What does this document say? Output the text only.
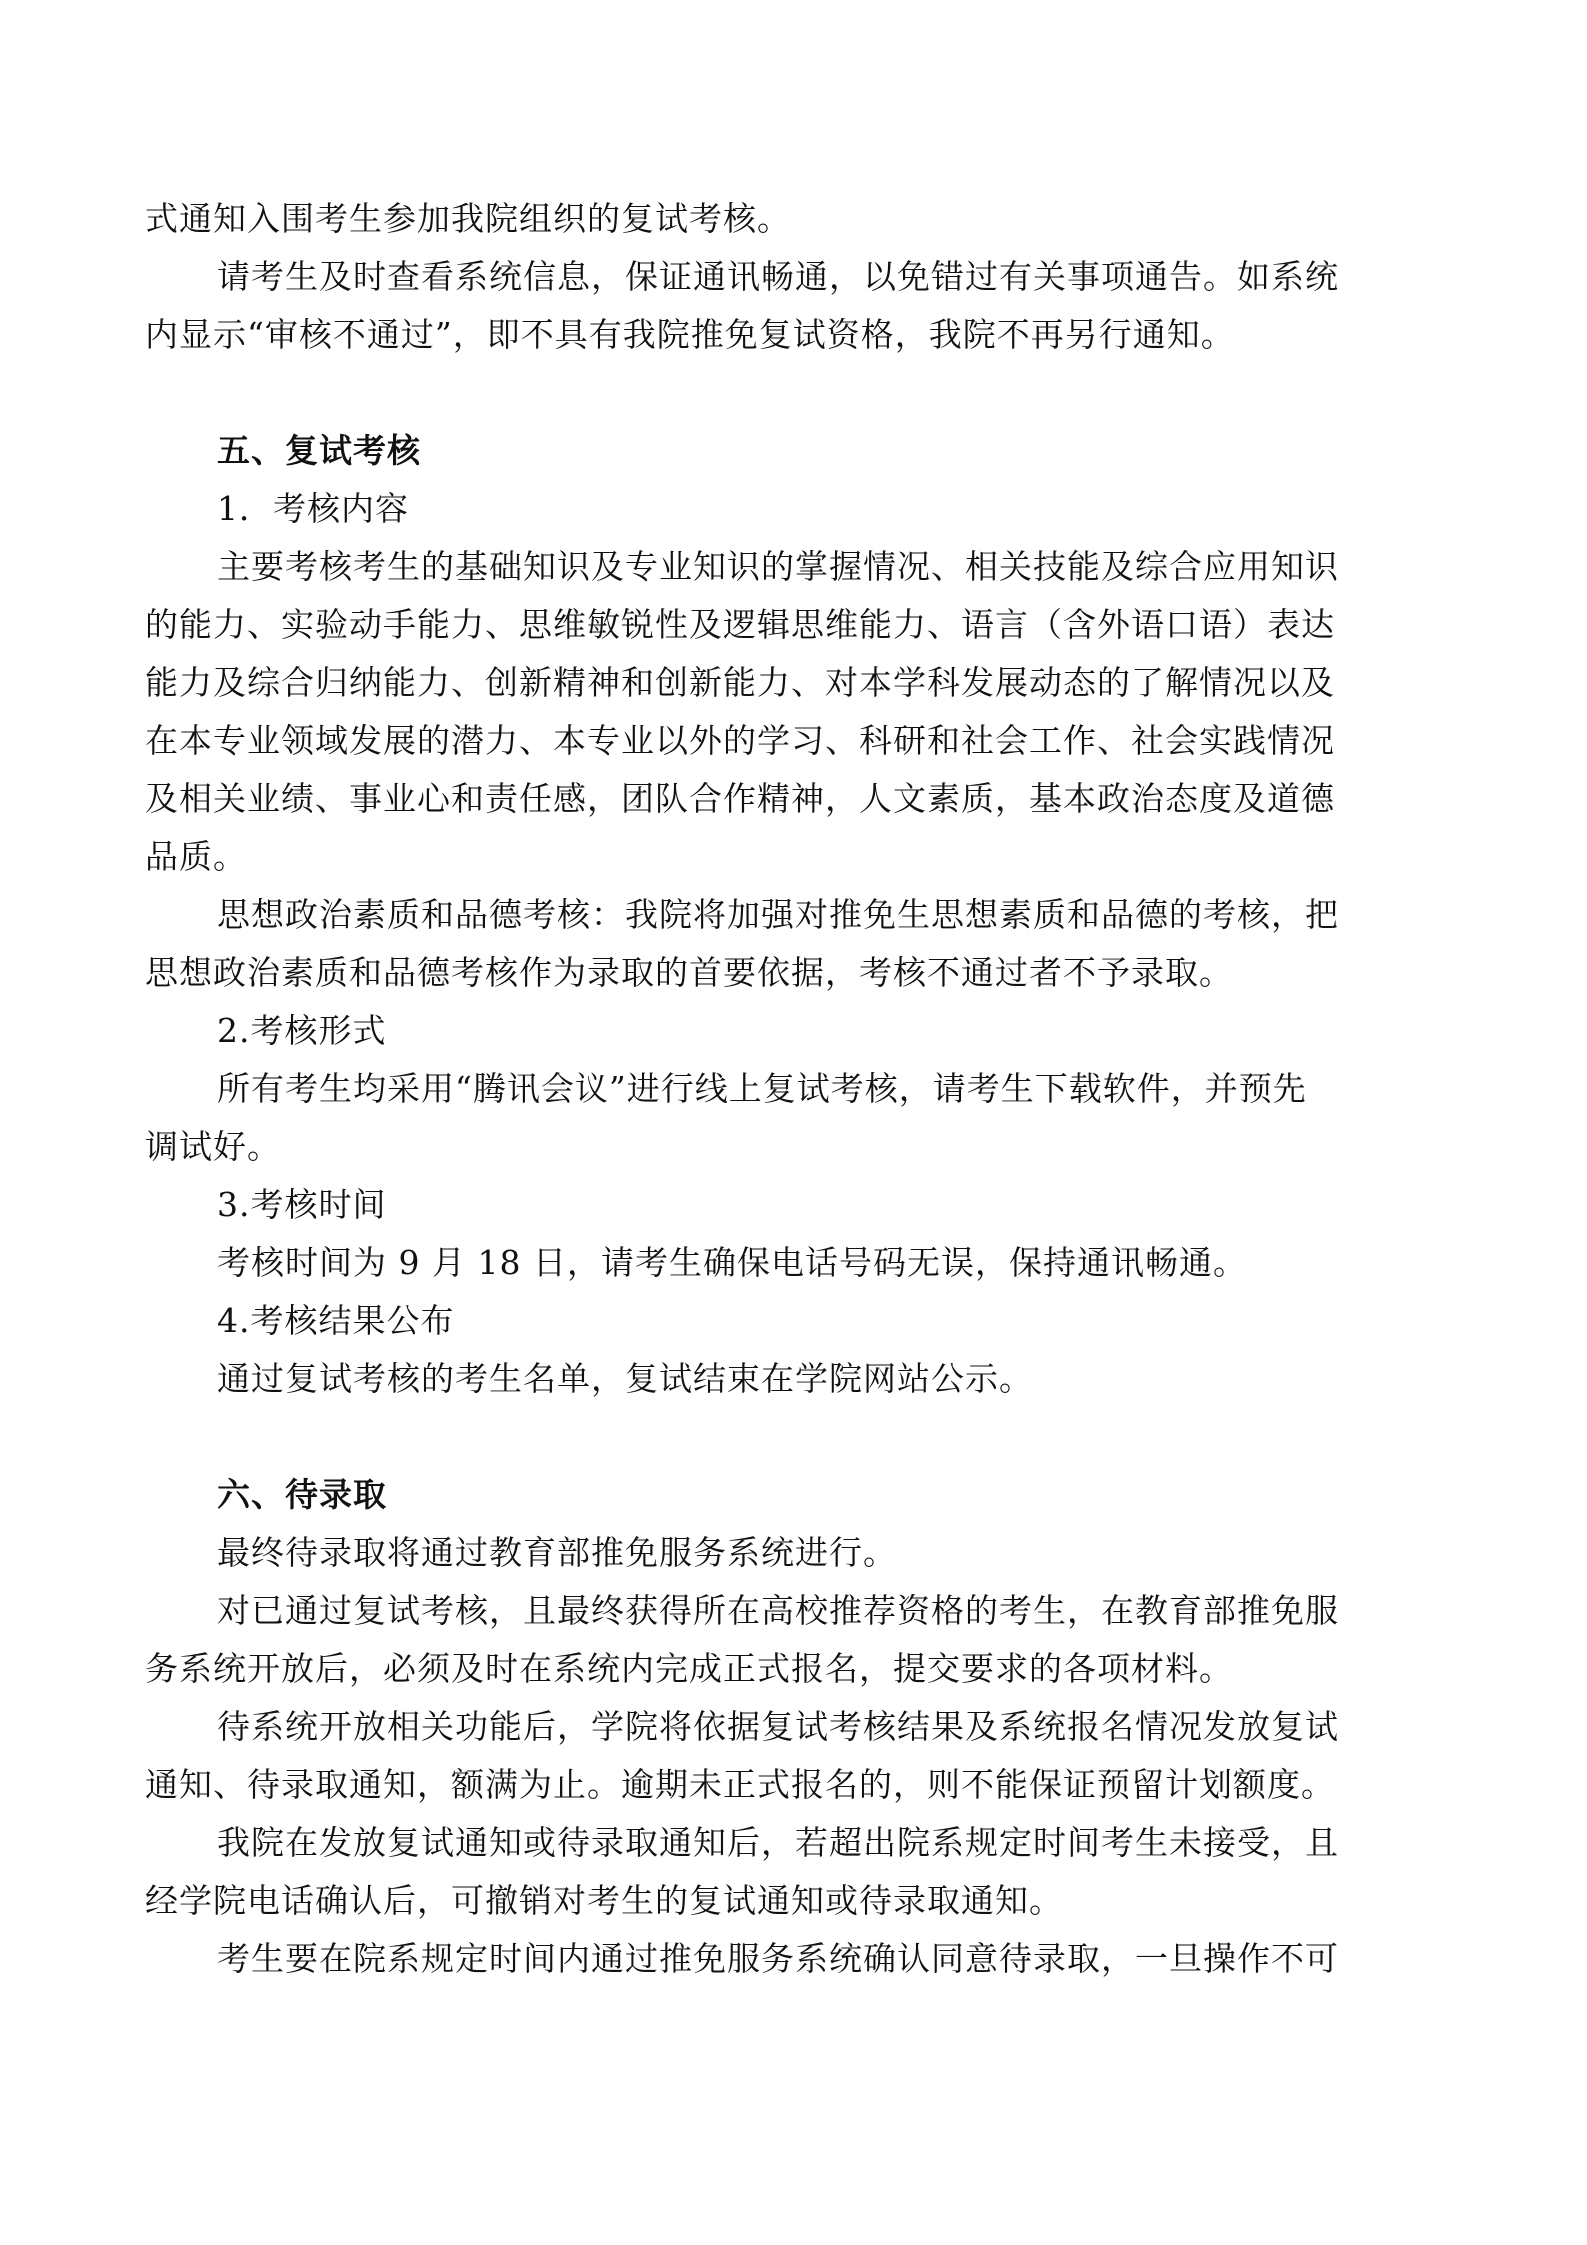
式通知入围考生参加我院组织的复试考核。
请考生及时查看系统信息，保证通讯畅通，以免错过有关事项通告。如系统
内显示“审核不通过”，即不具有我院推免复试资格，我院不再另行通知。
五、复试考核
1．考核内容
主要考核考生的基础知识及专业知识的掌握情况、相关技能及综合应用知识
的能力、实验动手能力、思维敏锐性及逻辑思维能力、语言（含外语口语）表达
能力及综合归纳能力、创新精神和创新能力、对本学科发展动态的了解情况以及
在本专业领域发展的潜力、本专业以外的学习、科研和社会工作、社会实践情况
及相关业绩、事业心和责任感，团队合作精神，人文素质，基本政治态度及道德
品质。
思想政治素质和品德考核：我院将加强对推免生思想素质和品德的考核，把
思想政治素质和品德考核作为录取的首要依据，考核不通过者不予录取。
2.考核形式
所有考生均采用“腾讯会议”进行线上复试考核，请考生下载软件，并预先
调试好。
3.考核时间
考核时间为 9 月 18 日，请考生确保电话号码无误，保持通讯畅通。
4.考核结果公布
通过复试考核的考生名单，复试结束在学院网站公示。
六、待录取
最终待录取将通过教育部推免服务系统进行。
对已通过复试考核，且最终获得所在高校推荐资格的考生，在教育部推免服
务系统开放后，必须及时在系统内完成正式报名，提交要求的各项材料。
待系统开放相关功能后，学院将依据复试考核结果及系统报名情况发放复试
通知、待录取通知，额满为止。逾期未正式报名的，则不能保证预留计划额度。
我院在发放复试通知或待录取通知后，若超出院系规定时间考生未接受，且
经学院电话确认后，可撤销对考生的复试通知或待录取通知。
考生要在院系规定时间内通过推免服务系统确认同意待录取，一旦操作不可
